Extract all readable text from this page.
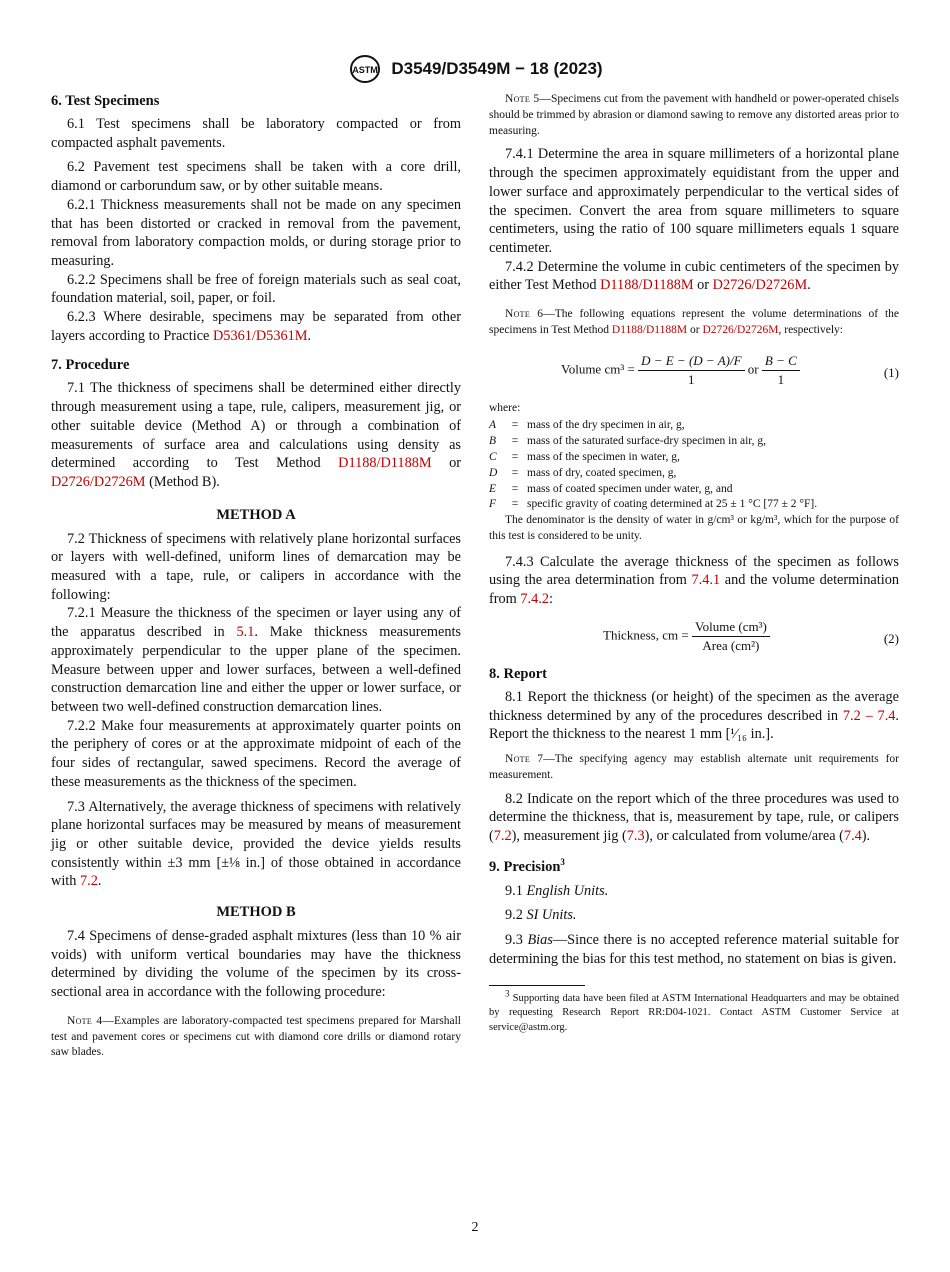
ASTM D3549/D3549M − 18 (2023)
6. Test Specimens

6.1 Test specimens shall be laboratory compacted or from compacted asphalt pavements.

6.2 Pavement test specimens shall be taken with a core drill, diamond or carborundum saw, or by other suitable means.

6.2.1 Thickness measurements shall not be made on any specimen that has been distorted or cracked in removal from the pavement, removal from laboratory compaction molds, or during storage prior to measuring.

6.2.2 Specimens shall be free of foreign materials such as seal coat, foundation material, soil, paper, or foil.

6.2.3 Where desirable, specimens may be separated from other layers according to Practice D5361/D5361M.

7. Procedure

7.1 The thickness of specimens shall be determined either directly through measurement using a tape, rule, calipers, measurement jig, or other suitable device (Method A) or through a combination of measurements of surface area and calculations using density as determined according to Test Method D1188/D1188M or D2726/D2726M (Method B).

METHOD A

7.2 Thickness of specimens with relatively plane horizontal surfaces or layers with well-defined, uniform lines of demarcation may be measured with a tape, rule, or calipers in accordance with the following:

7.2.1 Measure the thickness of the specimen or layer using any of the apparatus described in 5.1. Make thickness measurements approximately perpendicular to the upper plane of the specimen. Measure between upper and lower surfaces, between a well-defined construction demarcation line and either the upper or lower surface, or between two well-defined construction demarcation lines.

7.2.2 Make four measurements at approximately quarter points on the periphery of cores or at the approximate midpoint of each of the four sides of rectangular, sawed specimens. Record the average of these measurements as the thickness of the specimen.

7.3 Alternatively, the average thickness of specimens with relatively plane horizontal surfaces may be measured by means of measurement jig or other suitable device, provided the device yields results consistently within ±3 mm [±⅛ in.] of those obtained in accordance with 7.2.

METHOD B

7.4 Specimens of dense-graded asphalt mixtures (less than 10 % air voids) with uniform vertical boundaries may have the thickness determined by dividing the volume of the specimen by its cross-sectional area in accordance with the following procedure:

Note 4—Examples are laboratory-compacted test specimens prepared for Marshall test and pavement cores or specimens cut with diamond core drills or diamond rotary saw blades.

Note 5—Specimens cut from the pavement with handheld or power-operated chisels should be trimmed by abrasion or diamond sawing to remove any distorted areas prior to measuring.

7.4.1 Determine the area in square millimeters of a horizontal plane through the specimen approximately equidistant from the upper and lower surface and approximately perpendicular to the vertical sides of the specimen. Convert the area from square millimeters to square centimeters, using the ratio of 100 square millimeters equals 1 square centimeter.

7.4.2 Determine the volume in cubic centimeters of the specimen by either Test Method D1188/D1188M or D2726/D2726M.

Note 6—The following equations represent the volume determinations of the specimens in Test Method D1188/D1188M or D2726/D2726M, respectively:

Volume $cm^3 = \frac{D - E - (D - A)/F}{1}$ or $\frac{B - C}{1}$	(1)
where:
A	= mass of the dry specimen in air, g,
B	= mass of the saturated surface-dry specimen in air, g,
C	= mass of the specimen in water, g,
D	= mass of dry, coated specimen, g,
E	= mass of coated specimen under water, g, and
F	= specific gravity of coating determined at 25 ± 1 °C [77 ± 2 °F].

The denominator is the density of water in g/cm³ or kg/m³, which for the purpose of this test is considered to be unity.

7.4.3 Calculate the average thickness of the specimen as follows using the area determination from 7.4.1 and the volume determination from 7.4.2:

Thickness, cm = $\frac{\text{Volume (cm³)}}{\text{Area (cm²)}}$	(2)
8. Report

8.1 Report the thickness (or height) of the specimen as the average thickness determined by any of the procedures described in 7.2 – 7.4. Report the thickness to the nearest 1 mm [¹⁄₁₆ in.].

Note 7—The specifying agency may establish alternate unit requirements for measurement.

8.2 Indicate on the report which of the three procedures was used to determine the thickness, that is, measurement by tape, rule, or calipers (7.2), measurement jig (7.3), or calculated from volume/area (7.4).

9. Precision$^3$

9.1 English Units.

9.2 SI Units.

9.3 Bias—Since there is no accepted reference material suitable for determining the bias for this test method, no statement on bias is given.

$^3$ Supporting data have been filed at ASTM International Headquarters and may be obtained by requesting Research Report RR:D04-1021. Contact ASTM Customer Service at service@astm.org.

2
